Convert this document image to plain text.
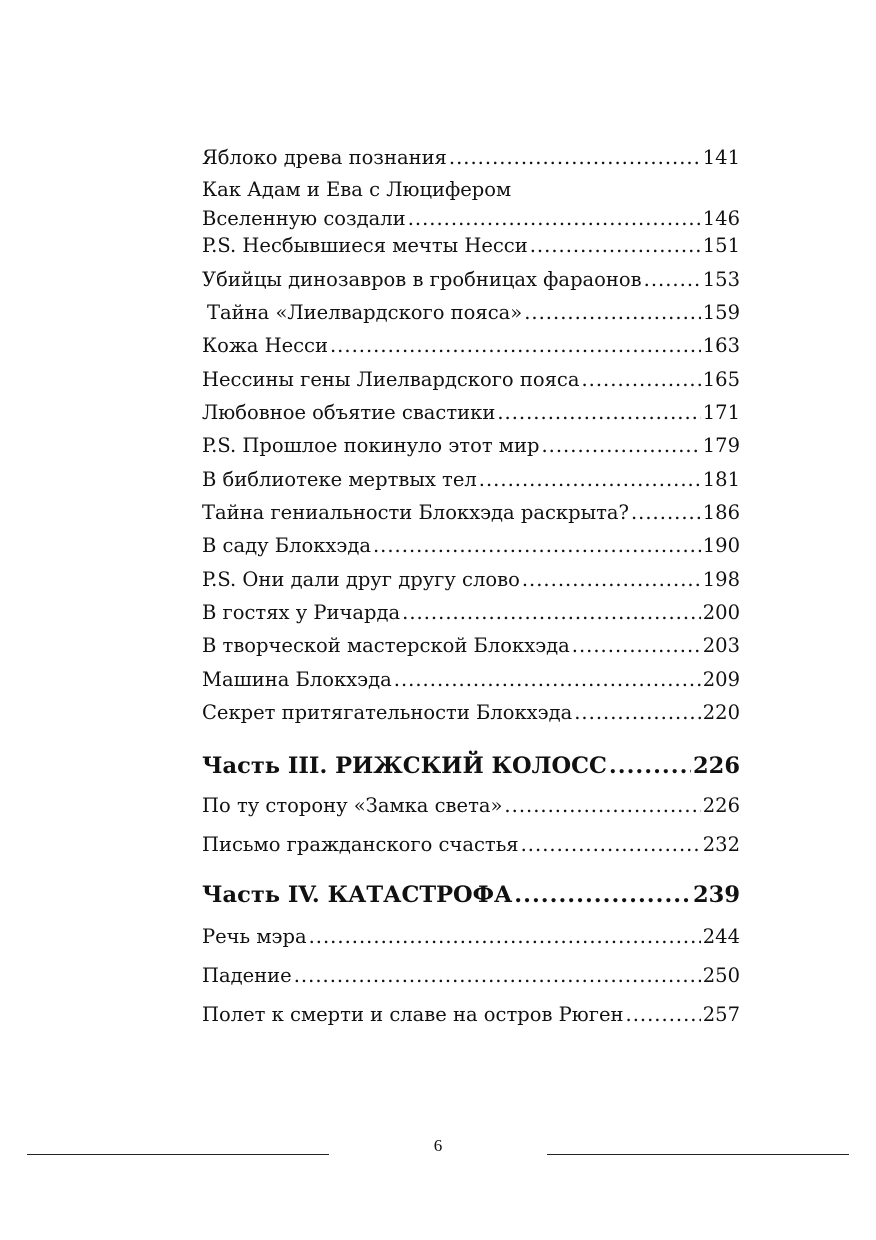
Яблоко древа познания .....	141
Как Адам и Ева с Люцифером
Вселенную создали .....	146
P.S. Несбывшиеся мечты Несси .....	151
Убийцы динозавров в гробницах фараонов .....	153
Тайна «Лиелвардского пояса» .....	159
Кожа Несси .....	163
Нессины гены Лиелвардского пояса .....	165
Любовное объятие свастики .....	171
P.S. Прошлое покинуло этот мир .....	179
В библиотеке мертвых тел .....	181
Тайна гениальности Блокхэда раскрыта? .....	186
В саду Блокхэда .....	190
P.S. Они дали друг другу слово .....	198
В гостях у Ричарда .....	200
В творческой мастерской Блокхэда .....	203
Машина Блокхэда .....	209
Секрет притягательности Блокхэда .....	220
Часть III. РИЖСКИЙ КОЛОСС .....	226
По ту сторону «Замка света» .....	226
Письмо гражданского счастья .....	232
Часть IV. КАТАСТРОФА .....	239
Речь мэра .....	244
Падение .....	250
Полет к смерти и славе на остров Рюген .....	257
6
